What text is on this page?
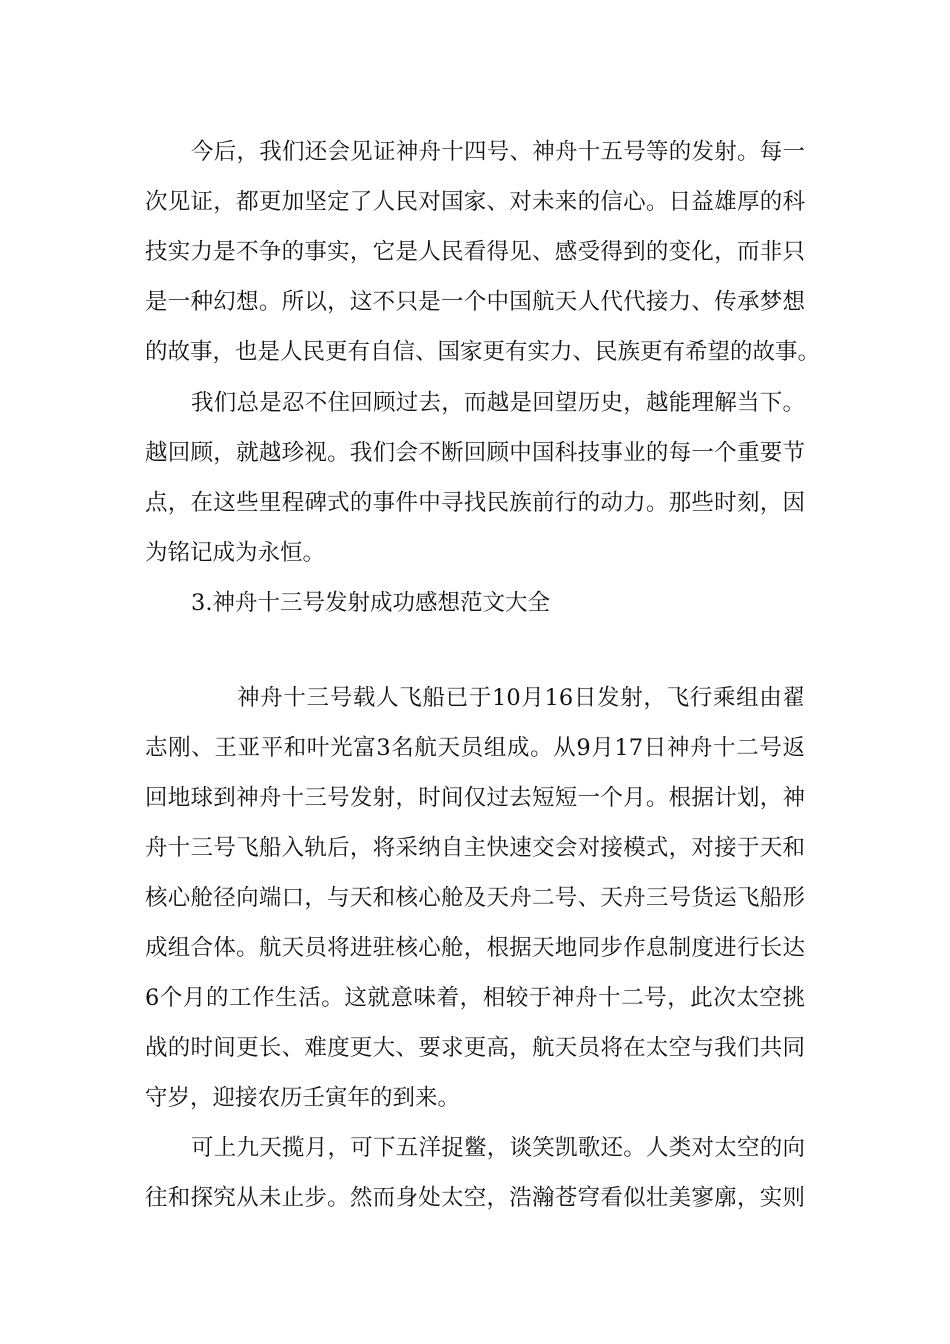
今后，我们还会见证神舟十四号、神舟十五号等的发射。每一
次见证，都更加坚定了人民对国家、对未来的信心。日益雄厚的科
技实力是不争的事实，它是人民看得见、感受得到的变化，而非只
是一种幻想。所以，这不只是一个中国航天人代代接力、传承梦想
的故事，也是人民更有自信、国家更有实力、民族更有希望的故事。
我们总是忍不住回顾过去，而越是回望历史，越能理解当下。
越回顾，就越珍视。我们会不断回顾中国科技事业的每一个重要节
点，在这些里程碑式的事件中寻找民族前行的动力。那些时刻，因
为铭记成为永恒。
3.神舟十三号发射成功感想范文大全
神舟十三号载人飞船已于10月16日发射，飞行乘组由翟
志刚、王亚平和叶光富3名航天员组成。从9月17日神舟十二号返
回地球到神舟十三号发射，时间仅过去短短一个月。根据计划，神
舟十三号飞船入轨后，将采纳自主快速交会对接模式，对接于天和
核心舱径向端口，与天和核心舱及天舟二号、天舟三号货运飞船形
成组合体。航天员将进驻核心舱，根据天地同步作息制度进行长达
6个月的工作生活。这就意味着，相较于神舟十二号，此次太空挑
战的时间更长、难度更大、要求更高，航天员将在太空与我们共同
守岁，迎接农历壬寅年的到来。
可上九天揽月，可下五洋捉鳖，谈笑凯歌还。人类对太空的向
往和探究从未止步。然而身处太空，浩瀚苍穹看似壮美寥廓，实则
